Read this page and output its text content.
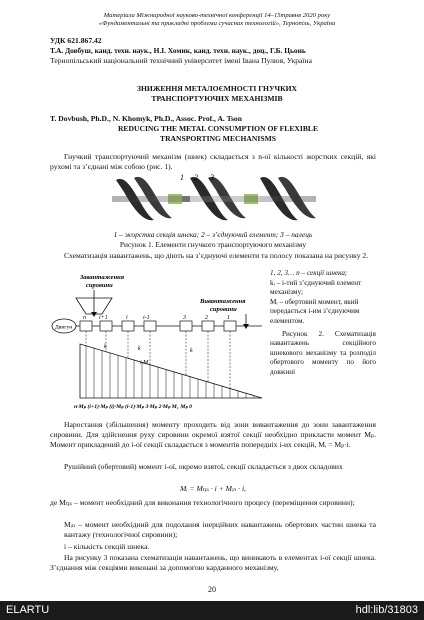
Матеріали Міжнародної науково-технічної конференції 14–15травня 2020 року
«Фундаментальні та прикладні проблеми сучасних технологій», Тернопіль, Україна
УДК 621.867.42
Т.А. Довбуш, канд. техн. наук., Н.І. Хомик, канд. техн. наук., доц., Г.Б. Цьонь
Тернопільський національний технічний університет імені Івана Пулюя, Україна
ЗНИЖЕННЯ МЕТАЛОЄМНОСТІ ГНУЧКИХ ТРАНСПОРТУЮЧИХ МЕХАНІЗМІВ
T. Dovbush, Ph.D., N. Khomyk, Ph.D., Assoc. Prof., A. Tson
REDUCING THE METAL CONSUMPTION OF FLEXIBLE TRANSPORTING MECHANISMS
Гнучкий транспортуючий механізм (шнек) складається з n-ої кількості жорстких секцій, які рухомі та з’єднані між собою (рис. 1).
1 2 3
1 – жорстка секція шнека; 2 – з’єднуючий елемент; 3 – палець
Рисунок 1. Елементи гнучкого транспортуючого механізму
Схематизація навантажень, що діють на з’єднуючі елементи та полосу показана на рисунку 2.
Завантаження
сировини
Вивантаження
сировини
Двигун
n i+1	i	i-1	3	2	1
k	k	k
i·M
n·Mₚ (i+1)·Mₚ (i)·Mₚ (i-1)·Mₚ 3·Mₚ 2·Mₚ M₁ Mₚ 0
1, 2, 3… n – секції шнека;
kᵢ – i-тий з’єднуючий елемент механізму;
Mᵢ – обертовий момент, який передається i-им з’єднуючим елементом.
Рисунок 2. Схематизація навантажень секційного шнекового механізму та розподіл обертового моменту по його довжині
Наростання (збільшення) моменту проходить від зони вивантаження до зони завантаження сировини. Для здійснення руху сировини окремої взятої секції необхідно прикласти момент Mₚ. Момент прикладений до i-ої секції складається з моментів попередніх i-их секцій, Mᵢ = Mₚ·i.
Рушійний (обертовий) момент i-ої, окремо взятої, секції складається з двох складових
Mᵢ = Mₜₚᵢ · i + Mᵢₙ · i,
де Mₜₚᵢ – момент необхідний для виконання технологічного процесу (переміщення сировини);
Mᵢₙ – момент необхідний для подолання інерційних навантажень обертових частин шнека та вантажу (технологічної сировини);
i – кількість секцій шнека.
На рисунку 3 показана схематизація навантажень, що виникають в елементах i-ої секції шнека. З’єднання між секціями виконані за допомогою карданного механізму,
20
ELARTU	hdl:lib/31803
